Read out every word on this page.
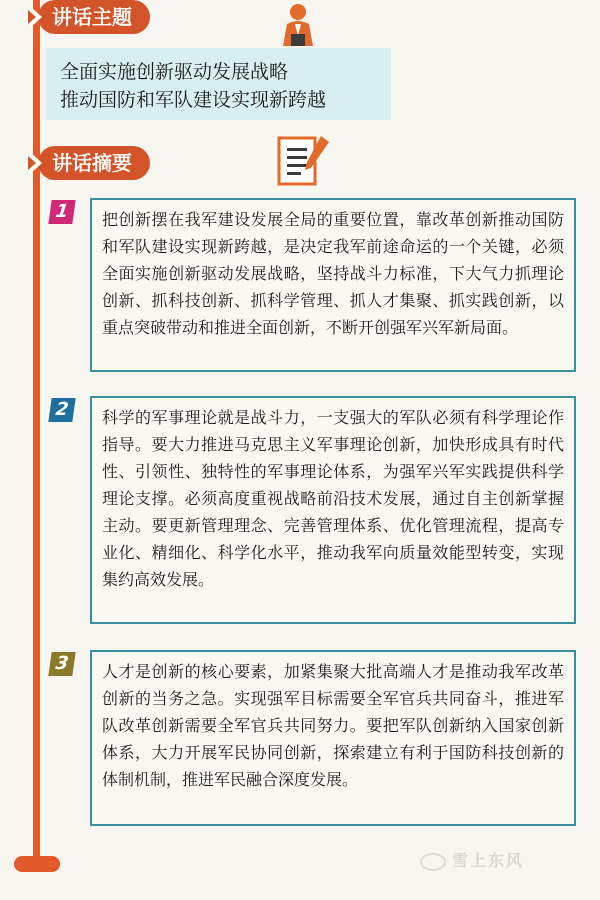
讲话主题
全面实施创新驱动发展战略
推动国防和军队建设实现新跨越
讲话摘要
1	把创新摆在我军建设发展全局的重要位置，靠改革创新推动国防和军队建设实现新跨越，是决定我军前途命运的一个关键，必须全面实施创新驱动发展战略，坚持战斗力标准，下大气力抓理论创新、抓科技创新、抓科学管理、抓人才集聚、抓实践创新，以重点突破带动和推进全面创新，不断开创强军兴军新局面。
2	科学的军事理论就是战斗力，一支强大的军队必须有科学理论作指导。要大力推进马克思主义军事理论创新，加快形成具有时代性、引领性、独特性的军事理论体系，为强军兴军实践提供科学理论支撑。必须高度重视战略前沿技术发展，通过自主创新掌握主动。要更新管理理念、完善管理体系、优化管理流程，提高专业化、精细化、科学化水平，推动我军向质量效能型转变，实现集约高效发展。
3	人才是创新的核心要素，加紧集聚大批高端人才是推动我军改革创新的当务之急。实现强军目标需要全军官兵共同奋斗，推进军队改革创新需要全军官兵共同努力。要把军队创新纳入国家创新体系，大力开展军民协同创新，探索建立有利于国防科技创新的体制机制，推进军民融合深度发展。
雪上东风
